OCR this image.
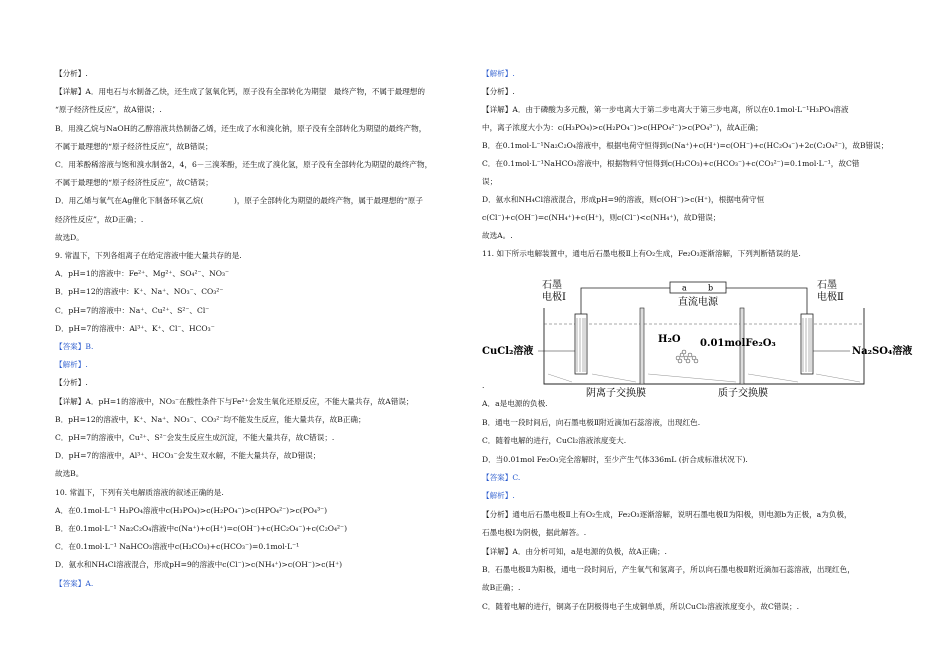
【分析】.
【详解】A．用电石与水制备乙炔，还生成了氢氧化钙，原子没有全部转化为期望　最终产物，不属于最理想的
“原子经济性反应”，故A错误；.
B．用溴乙烷与NaOH的乙醇溶液共热制备乙烯，还生成了水和溴化钠，原子没有全部转化为期望的最终产物，
不属于最理想的“原子经济性反应”，故B错误；
C．用苯酚稀溶液与饱和溴水制备2，4，6－三溴苯酚，还生成了溴化氢，原子没有全部转化为期望的最终产物，
不属于最理想的“原子经济性反应”，故C错误；
D．用乙烯与氧气在Ag催化下制备环氧乙烷(　　　　)，原子全部转化为期望的最终产物，属于最理想的“原子
经济性反应”，故D正确；.
故选D。
9. 常温下，下列各组离子在给定溶液中能大量共存的是.
A．pH=1的溶液中：Fe²⁺、Mg²⁺、SO₄²⁻、NO₃⁻
B．pH=12的溶液中：K⁺、Na⁺、NO₃⁻、CO₃²⁻
C．pH=7的溶液中：Na⁺、Cu²⁺、S²⁻、Cl⁻
D．pH=7的溶液中：Al³⁺、K⁺、Cl⁻、HCO₃⁻
【答案】B.
【解析】.
【分析】.
【详解】A．pH=1的溶液中，NO₃⁻在酸性条件下与Fe²⁺会发生氧化还原反应，不能大量共存，故A错误；
B．pH=12的溶液中，K⁺、Na⁺、NO₃⁻、CO₃²⁻均不能发生反应，能大量共存，故B正确；
C．pH=7的溶液中，Cu²⁺、S²⁻会发生反应生成沉淀，不能大量共存，故C错误；.
D．pH=7的溶液中，Al³⁺、HCO₃⁻会发生双水解，不能大量共存，故D错误；
故选B。
10. 常温下，下列有关电解质溶液的叙述正确的是.
A．在0.1mol·L⁻¹ H₃PO₄溶液中c(H₃PO₄)>c(H₂PO₄⁻)>c(HPO₄²⁻)>c(PO₄³⁻)
B．在0.1mol·L⁻¹ Na₂C₂O₄溶液中c(Na⁺)+c(H⁺)=c(OH⁻)+c(HC₂O₄⁻)+c(C₂O₄²⁻)
C．在0.1mol·L⁻¹ NaHCO₃溶液中c(H₂CO₃)+c(HCO₃⁻)=0.1mol·L⁻¹
D．氨水和NH₄Cl溶液混合，形成pH=9的溶液中c(Cl⁻)>c(NH₄⁺)>c(OH⁻)>c(H⁺)
【答案】A.
a	b
直流电源
石墨
电极Ⅰ
石墨
电极Ⅱ
H₂O 0.01molFe₂O₃
CuCl₂溶液	Na₂SO₄溶液
阴离子交换膜	质子交换膜
【解析】.
【分析】.
【详解】A．由于磷酸为多元酸，第一步电离大于第二步电离大于第三步电离，所以在0.1mol·L⁻¹H₃PO₄溶液
中，离子浓度大小为：c(H₃PO₄)>c(H₂PO₄⁻)>c(HPO₄²⁻)>c(PO₄³⁻)，故A正确；
B．在0.1mol·L⁻¹Na₂C₂O₄溶液中，根据电荷守恒得到c(Na⁺)+c(H⁺)=c(OH⁻)+c(HC₂O₄⁻)+2c(C₂O₄²⁻)，故B错误；
C．在0.1mol·L⁻¹NaHCO₃溶液中，根据物料守恒得到c(H₂CO₃)+c(HCO₃⁻)+c(CO₃²⁻)=0.1mol·L⁻¹，故C错
误；
D．氨水和NH₄Cl溶液混合，形成pH=9的溶液，则c(OH⁻)>c(H⁺)，根据电荷守恒
c(Cl⁻)+c(OH⁻)=c(NH₄⁺)+c(H⁺)，则c(Cl⁻)<c(NH₄⁺)，故D错误；
故选A。.
11. 如下所示电解装置中，通电后石墨电极Ⅱ上有O₂生成，Fe₂O₃逐渐溶解，下列判断错误的是.
.
A．a是电源的负极.
B．通电一段时间后，向石墨电极Ⅱ附近滴加石蕊溶液，出现红色.
C．随着电解的进行，CuCl₂溶液浓度变大.
D．当0.01mol Fe₂O₃完全溶解时，至少产生气体336mL (折合成标准状况下).
【答案】C.
【解析】.
【分析】通电后石墨电极Ⅱ上有O₂生成，Fe₂O₃逐渐溶解，说明石墨电极Ⅱ为阳极，则电源b为正极，a为负极，
石墨电极Ⅰ为阴极，据此解答。.
【详解】A．由分析可知，a是电源的负极，故A正确；.
B．石墨电极Ⅱ为阳极，通电一段时间后，产生氧气和氢离子，所以向石墨电极Ⅱ附近滴加石蕊溶液，出现红色，
故B正确；.
C．随着电解的进行，铜离子在阴极得电子生成铜单质，所以CuCl₂溶液浓度变小，故C错误；.
